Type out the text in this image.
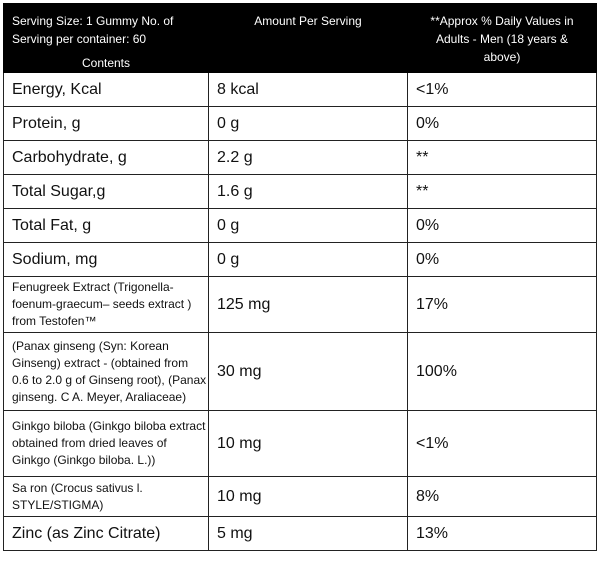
Serving Size: 1 Gummy No. of Serving per container: 60
Contents	Amount Per Serving	**Approx % Daily Values in Adults - Men (18 years & above)
Energy, Kcal	8 kcal	<1%
Protein, g	0 g	0%
Carbohydrate, g	2.2 g	**
Total Sugar,g	1.6 g	**
Total Fat, g	0 g	0%
Sodium, mg	0 g	0%
Fenugreek Extract (Trigonella-foenum-graecum– seeds extract ) from Testofen™	125 mg	17%
(Panax ginseng (Syn: Korean Ginseng) extract - (obtained from 0.6 to 2.0 g of Ginseng root), (Panax ginseng. C A. Meyer, Araliaceae)	30 mg	100%
Ginkgo biloba (Ginkgo biloba extract obtained from dried leaves of Ginkgo (Ginkgo biloba. L.))	10 mg	<1%
Sa ron (Crocus sativus l. STYLE/STIGMA)	10 mg	8%
Zinc (as Zinc Citrate)	5 mg	13%
